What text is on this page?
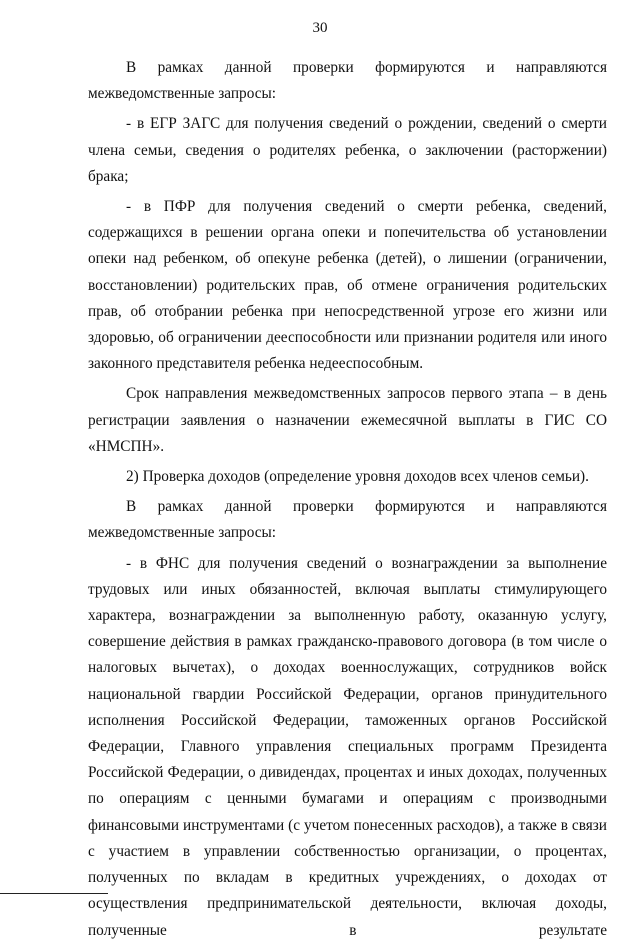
30

В рамках данной проверки формируются и направляются межведомственные запросы:

- в ЕГР ЗАГС для получения сведений о рождении, сведений о смерти члена семьи, сведения о родителях ребенка, о заключении (расторжении) брака;

- в ПФР для получения сведений о смерти ребенка, сведений, содержащихся в решении органа опеки и попечительства об установлении опеки над ребенком, об опекуне ребенка (детей), о лишении (ограничении, восстановлении) родительских прав, об отмене ограничения родительских прав, об отобрании ребенка при непосредственной угрозе его жизни или здоровью, об ограничении дееспособности или признании родителя или иного законного представителя ребенка недееспособным.

Срок направления межведомственных запросов первого этапа – в день регистрации заявления о назначении ежемесячной выплаты в ГИС СО «НМСПН».

2) Проверка доходов (определение уровня доходов всех членов семьи).

В рамках данной проверки формируются и направляются межведомственные запросы:

- в ФНС для получения сведений о вознаграждении за выполнение трудовых или иных обязанностей, включая выплаты стимулирующего характера, вознаграждении за выполненную работу, оказанную услугу, совершение действия в рамках гражданско-правового договора (в том числе о налоговых вычетах), о доходах военнослужащих, сотрудников войск национальной гвардии Российской Федерации, органов принудительного исполнения Российской Федерации, таможенных органов Российской Федерации, Главного управления специальных программ Президента Российской Федерации, о дивидендах, процентах и иных доходах, полученных по операциям с ценными бумагами и операциям с производными финансовыми инструментами (с учетом понесенных расходов), а также в связи с участием в управлении собственностью организации, о процентах, полученных по вкладам в кредитных учреждениях, о доходах от осуществления предпринимательской деятельности, включая доходы, полученные в результате
